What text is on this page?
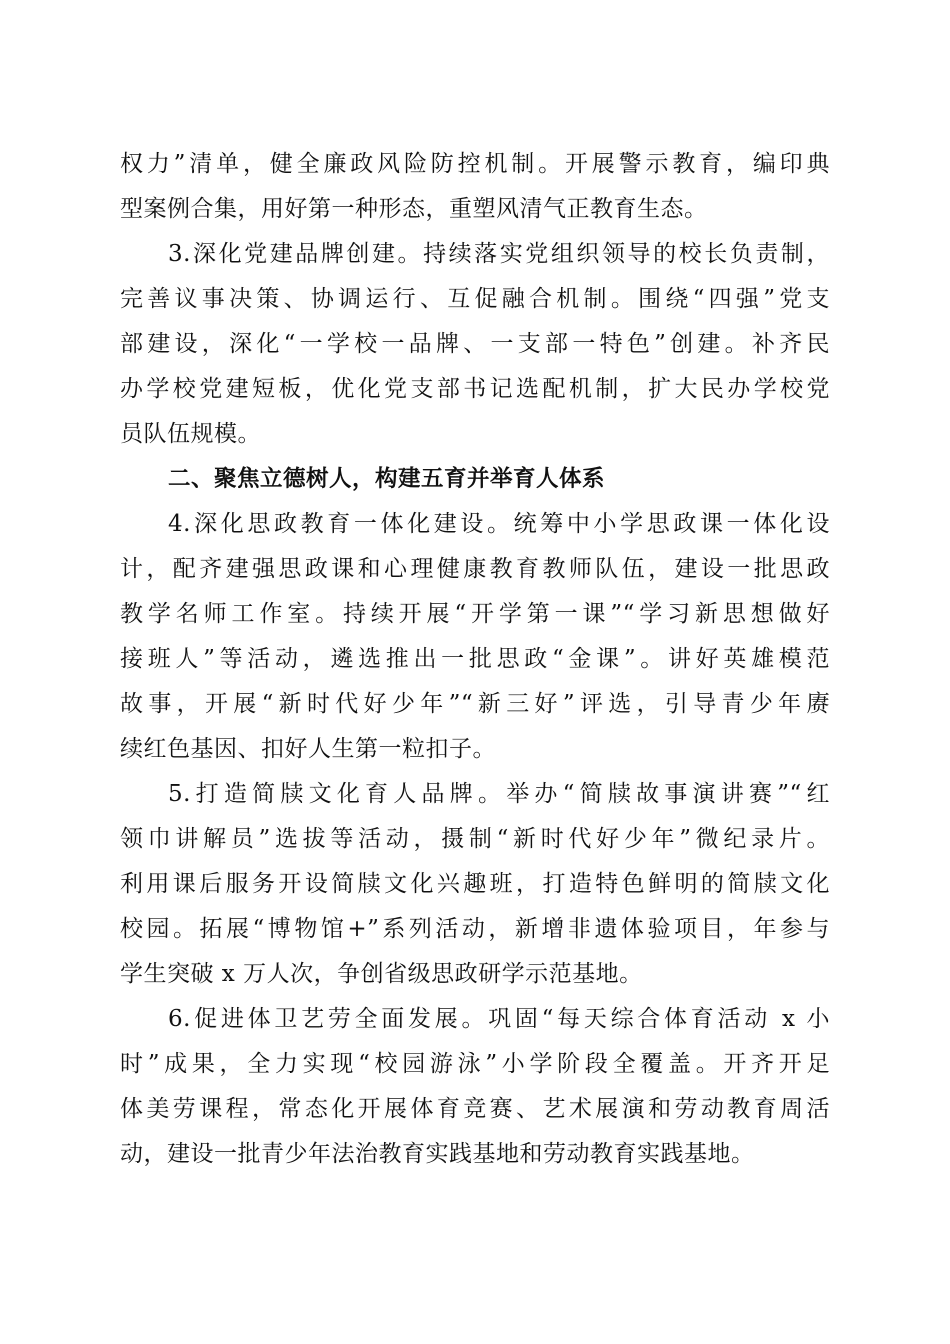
权力”清单，健全廉政风险防控机制。开展警示教育，编印典
型案例合集，用好第一种形态，重塑风清气正教育生态。
3.深化党建品牌创建。持续落实党组织领导的校长负责制，
完善议事决策、协调运行、互促融合机制。围绕“四强”党支
部建设，深化“一学校一品牌、一支部一特色”创建。补齐民
办学校党建短板，优化党支部书记选配机制，扩大民办学校党
员队伍规模。
二、聚焦立德树人，构建五育并举育人体系
4.深化思政教育一体化建设。统筹中小学思政课一体化设
计，配齐建强思政课和心理健康教育教师队伍，建设一批思政
教学名师工作室。持续开展“开学第一课”“学习新思想做好
接班人”等活动，遴选推出一批思政“金课”。讲好英雄模范
故事，开展“新时代好少年”“新三好”评选，引导青少年赓
续红色基因、扣好人生第一粒扣子。
5.打造简牍文化育人品牌。举办“简牍故事演讲赛”“红
领巾讲解员”选拔等活动，摄制“新时代好少年”微纪录片。
利用课后服务开设简牍文化兴趣班，打造特色鲜明的简牍文化
校园。拓展“博物馆+”系列活动，新增非遗体验项目，年参与
学生突破 x 万人次，争创省级思政研学示范基地。
6.促进体卫艺劳全面发展。巩固“每天综合体育活动 x 小
时”成果，全力实现“校园游泳”小学阶段全覆盖。开齐开足
体美劳课程，常态化开展体育竞赛、艺术展演和劳动教育周活
动，建设一批青少年法治教育实践基地和劳动教育实践基地。
